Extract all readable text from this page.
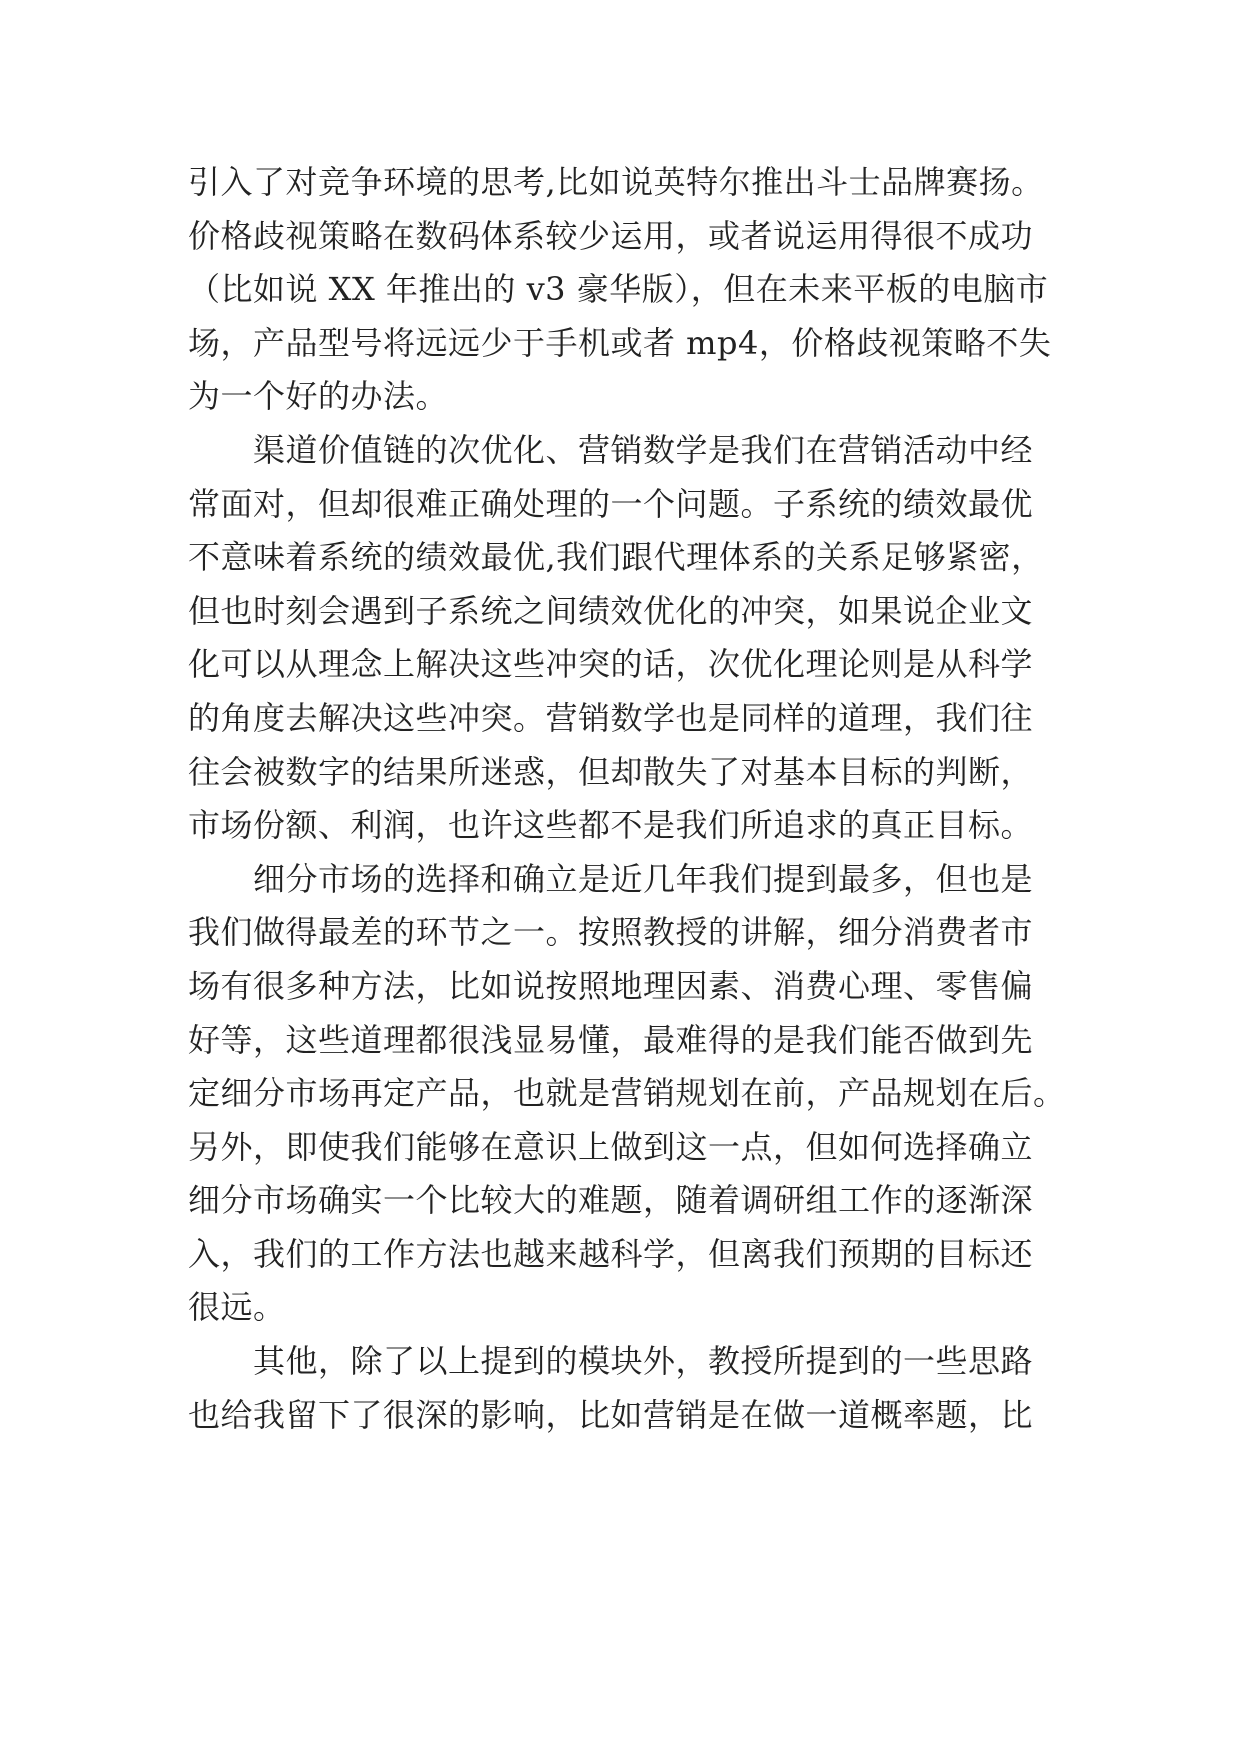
引入了对竞争环境的思考,比如说英特尔推出斗士品牌赛扬。
价格歧视策略在数码体系较少运用，或者说运用得很不成功
（比如说 XX 年推出的 v3 豪华版），但在未来平板的电脑市
场，产品型号将远远少于手机或者 mp4，价格歧视策略不失
为一个好的办法。
　　渠道价值链的次优化、营销数学是我们在营销活动中经
常面对，但却很难正确处理的一个问题。子系统的绩效最优
不意味着系统的绩效最优,我们跟代理体系的关系足够紧密，
但也时刻会遇到子系统之间绩效优化的冲突，如果说企业文
化可以从理念上解决这些冲突的话，次优化理论则是从科学
的角度去解决这些冲突。营销数学也是同样的道理，我们往
往会被数字的结果所迷惑，但却散失了对基本目标的判断，
市场份额、利润，也许这些都不是我们所追求的真正目标。
　　细分市场的选择和确立是近几年我们提到最多，但也是
我们做得最差的环节之一。按照教授的讲解，细分消费者市
场有很多种方法，比如说按照地理因素、消费心理、零售偏
好等，这些道理都很浅显易懂，最难得的是我们能否做到先
定细分市场再定产品，也就是营销规划在前，产品规划在后。
另外，即使我们能够在意识上做到这一点，但如何选择确立
细分市场确实一个比较大的难题，随着调研组工作的逐渐深
入，我们的工作方法也越来越科学，但离我们预期的目标还
很远。
　　其他，除了以上提到的模块外，教授所提到的一些思路
也给我留下了很深的影响，比如营销是在做一道概率题，比
